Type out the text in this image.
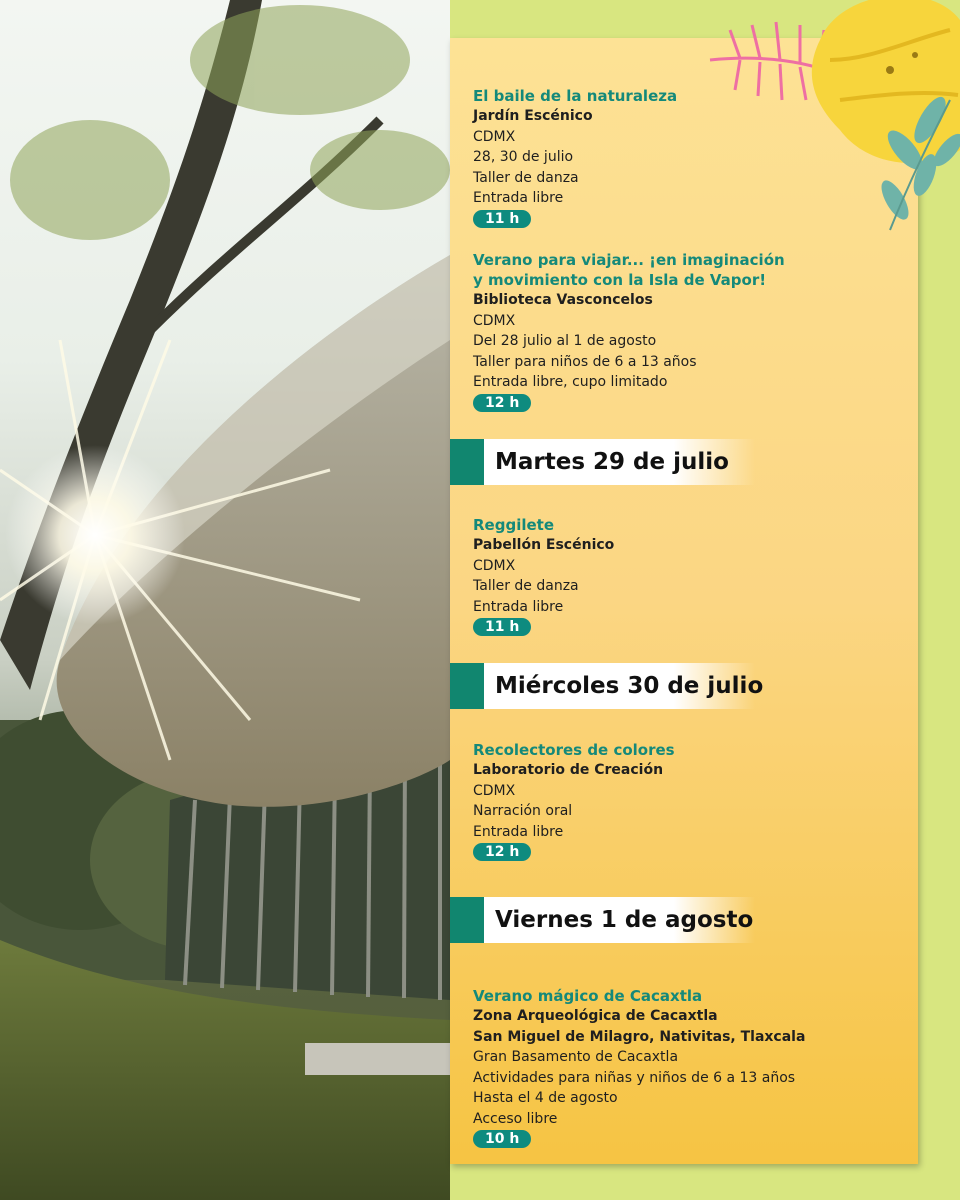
El baile de la naturaleza
Jardín Escénico
CDMX
28, 30 de julio
Taller de danza
Entrada libre
11 h
Verano para viajar... ¡en imaginación
y movimiento con la Isla de Vapor!
Biblioteca Vasconcelos
CDMX
Del 28 julio al 1 de agosto
Taller para niños de 6 a 13 años
Entrada libre, cupo limitado
12 h
Martes 29 de julio
Reggilete
Pabellón Escénico
CDMX
Taller de danza
Entrada libre
11 h
Miércoles 30 de julio
Recolectores de colores
Laboratorio de Creación
CDMX
Narración oral
Entrada libre
12 h
Viernes 1 de agosto
Verano mágico de Cacaxtla
Zona Arqueológica de Cacaxtla
San Miguel de Milagro, Nativitas, Tlaxcala
Gran Basamento de Cacaxtla
Actividades para niñas y niños de 6 a 13 años
Hasta el 4 de agosto
Acceso libre
10 h
